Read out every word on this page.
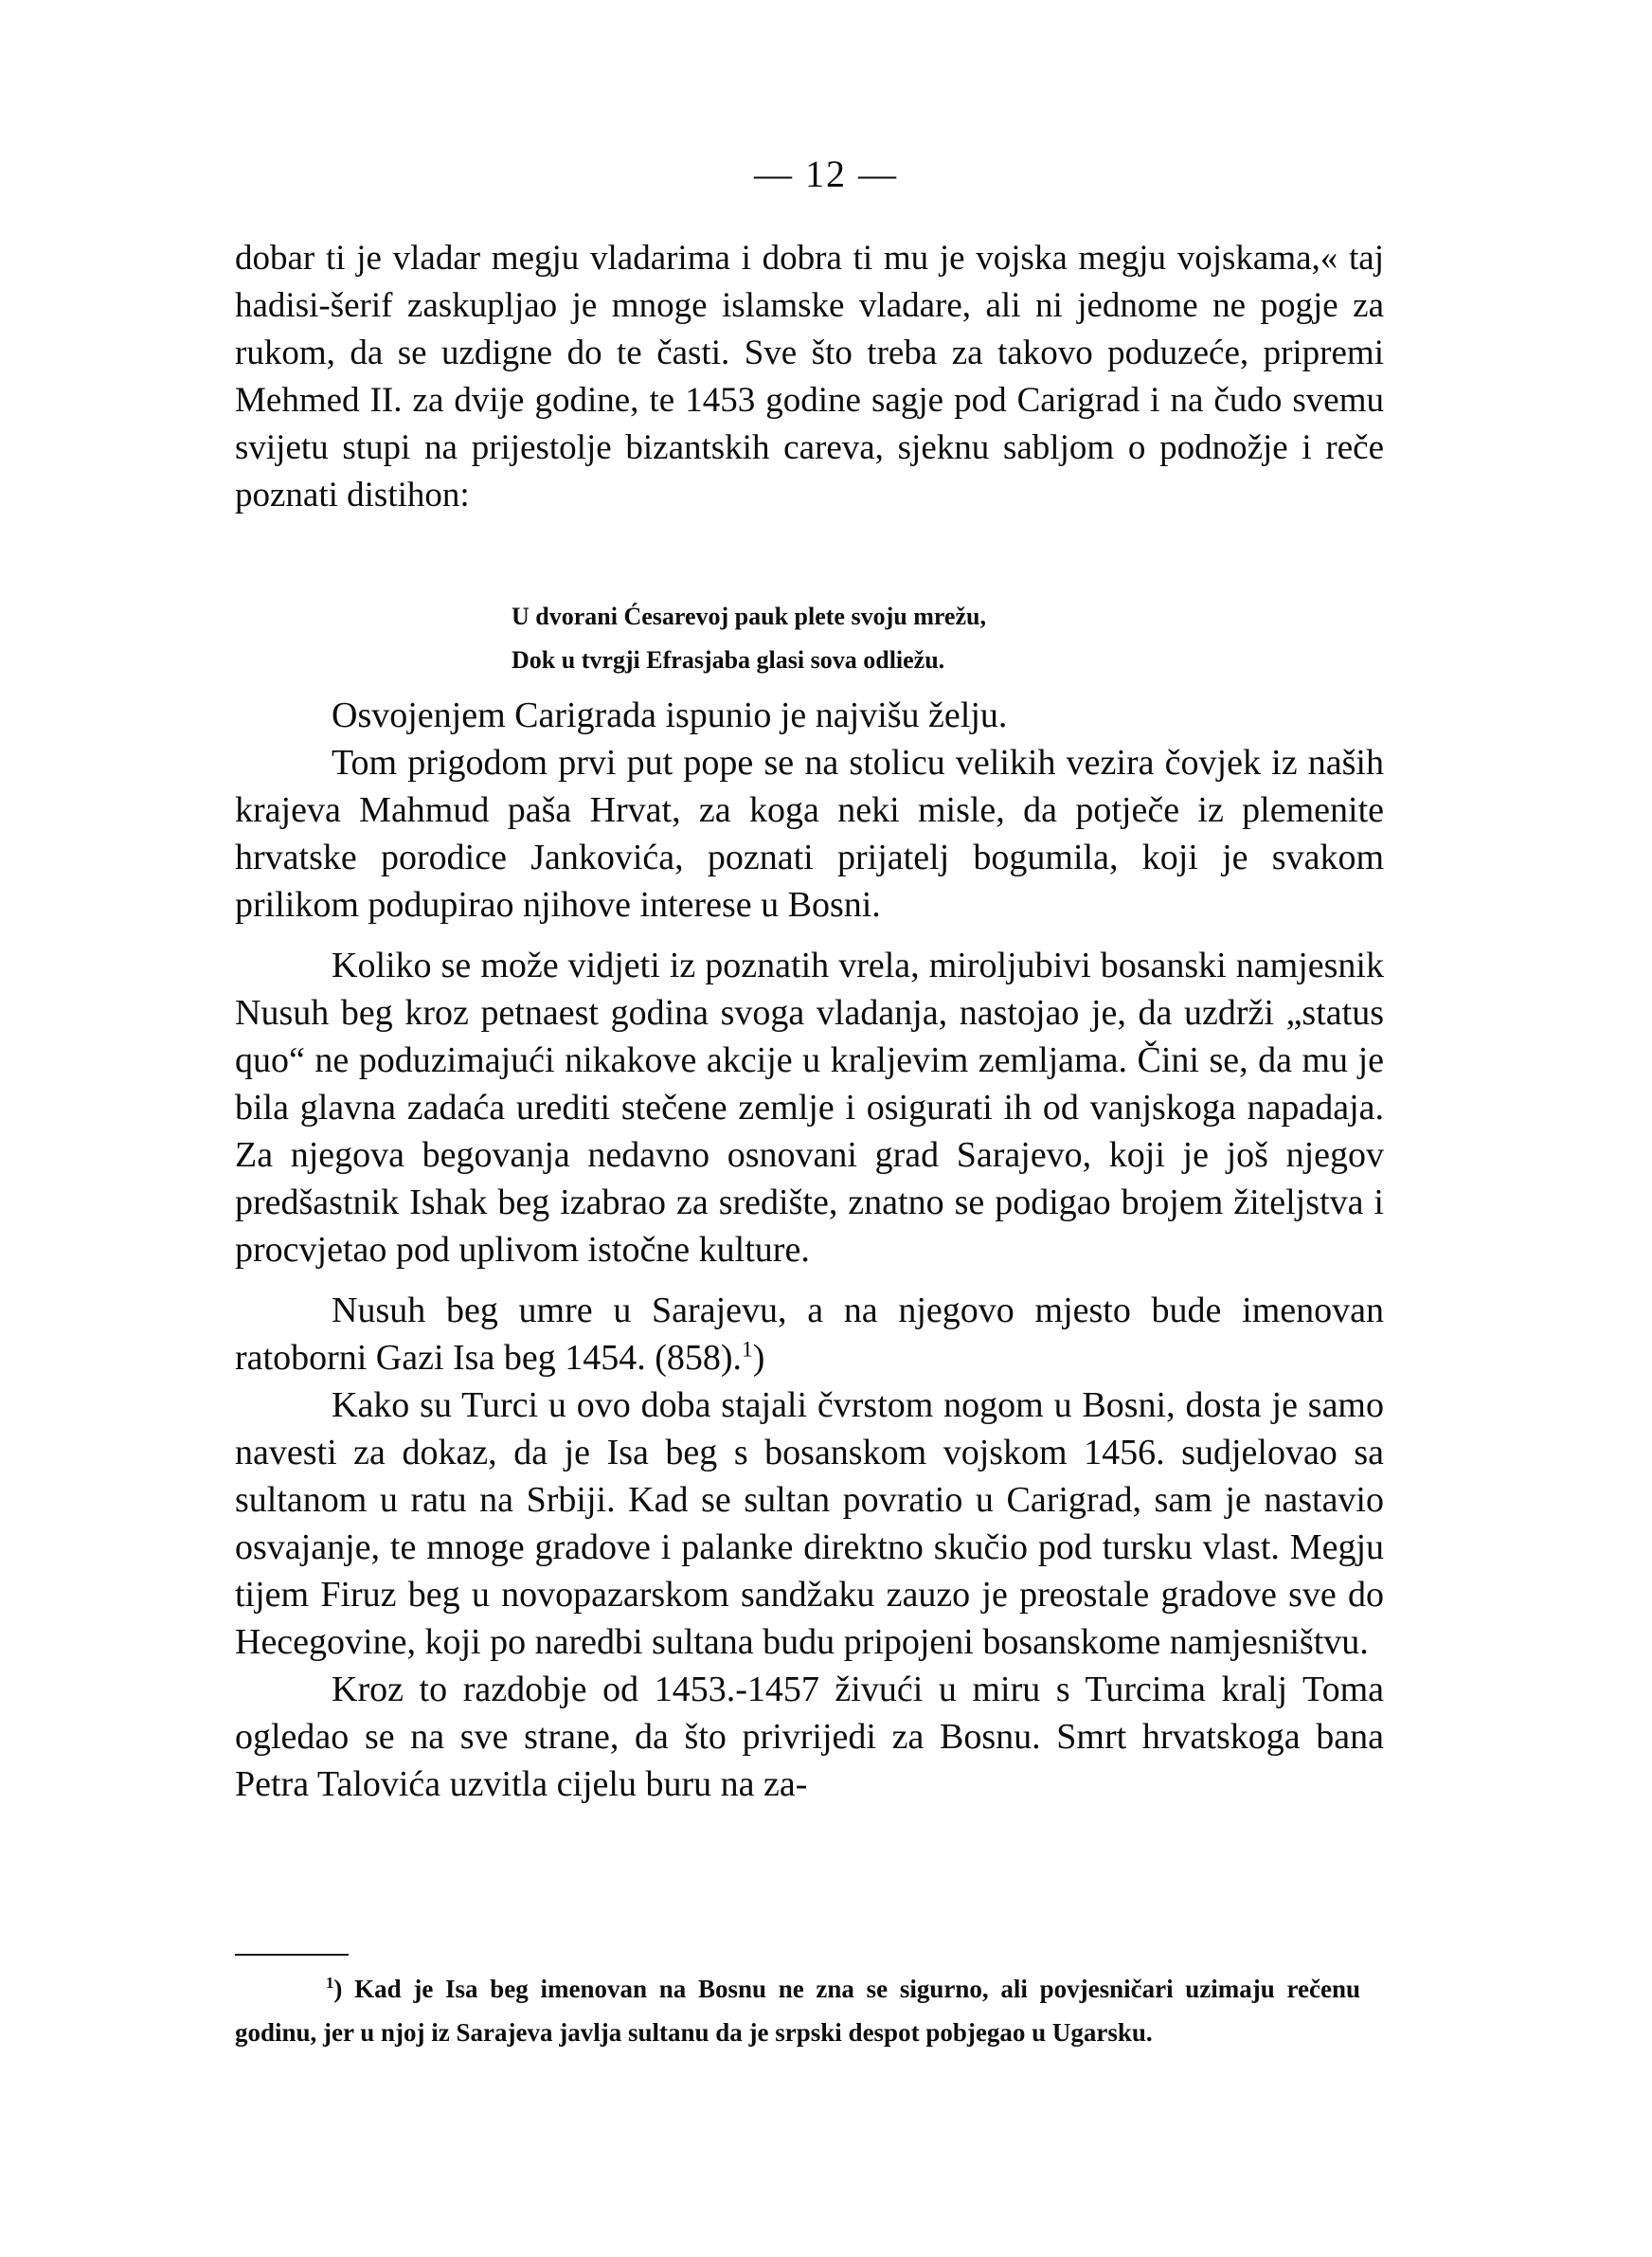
— 12 —

dobar ti je vladar megju vladarima i dobra ti mu je vojska megju vojskama,« taj hadisi-šerif zaskupljao je mnoge islamske vladare, ali ni jednome ne pogje za rukom, da se uzdigne do te časti. Sve što treba za takovo poduzeće, pripremi Mehmed II. za dvije godine, te 1453 godine sagje pod Carigrad i na čudo svemu svijetu stupi na prijestolje bizantskih careva, sjeknu sabljom o podnožje i reče poznati distihon:

U dvorani Ćesarevoj pauk plete svoju mrežu,
Dok u tvrgji Efrasjaba glasi sova odliežu.

Osvojenjem Carigrada ispunio je najvišu želju.

Tom prigodom prvi put pope se na stolicu velikih vezira čovjek iz naših krajeva Mahmud paša Hrvat, za koga neki misle, da potječe iz plemenite hrvatske porodice Jankovića, poznati prijatelj bogumila, koji je svakom prilikom podupirao njihove interese u Bosni.

Koliko se može vidjeti iz poznatih vrela, miroljubivi bosanski namjesnik Nusuh beg kroz petnaest godina svoga vladanja, nastojao je, da uzdrži „status quo“ ne poduzimajući nikakove akcije u kraljevim zemljama. Čini se, da mu je bila glavna zadaća urediti stečene zemlje i osigurati ih od vanjskoga napadaja. Za njegova begovanja nedavno osnovani grad Sarajevo, koji je još njegov predšastnik Ishak beg izabrao za središte, znatno se podigao brojem žiteljstva i procvjetao pod uplivom istočne kulture.

Nusuh beg umre u Sarajevu, a na njegovo mjesto bude imenovan ratoborni Gazi Isa beg 1454. (858).$^1$)

Kako su Turci u ovo doba stajali čvrstom nogom u Bosni, dosta je samo navesti za dokaz, da je Isa beg s bosanskom vojskom 1456. sudjelovao sa sultanom u ratu na Srbiji. Kad se sultan povratio u Carigrad, sam je nastavio osvajanje, te mnoge gradove i palanke direktno skučio pod tursku vlast. Megju tijem Firuz beg u novopazarskom sandžaku zauzo je preostale gradove sve do Hecegovine, koji po naredbi sultana budu pripojeni bosanskome namjesništvu.

Kroz to razdobje od 1453.-1457 živući u miru s Turcima kralj Toma ogledao se na sve strane, da što privrijedi za Bosnu. Smrt hrvatskoga bana Petra Talovića uzvitla cijelu buru na za-

$^1$) Kad je Isa beg imenovan na Bosnu ne zna se sigurno, ali povjesničari uzimaju rečenu godinu, jer u njoj iz Sarajeva javlja sultanu da je srpski despot pobjegao u Ugarsku.
